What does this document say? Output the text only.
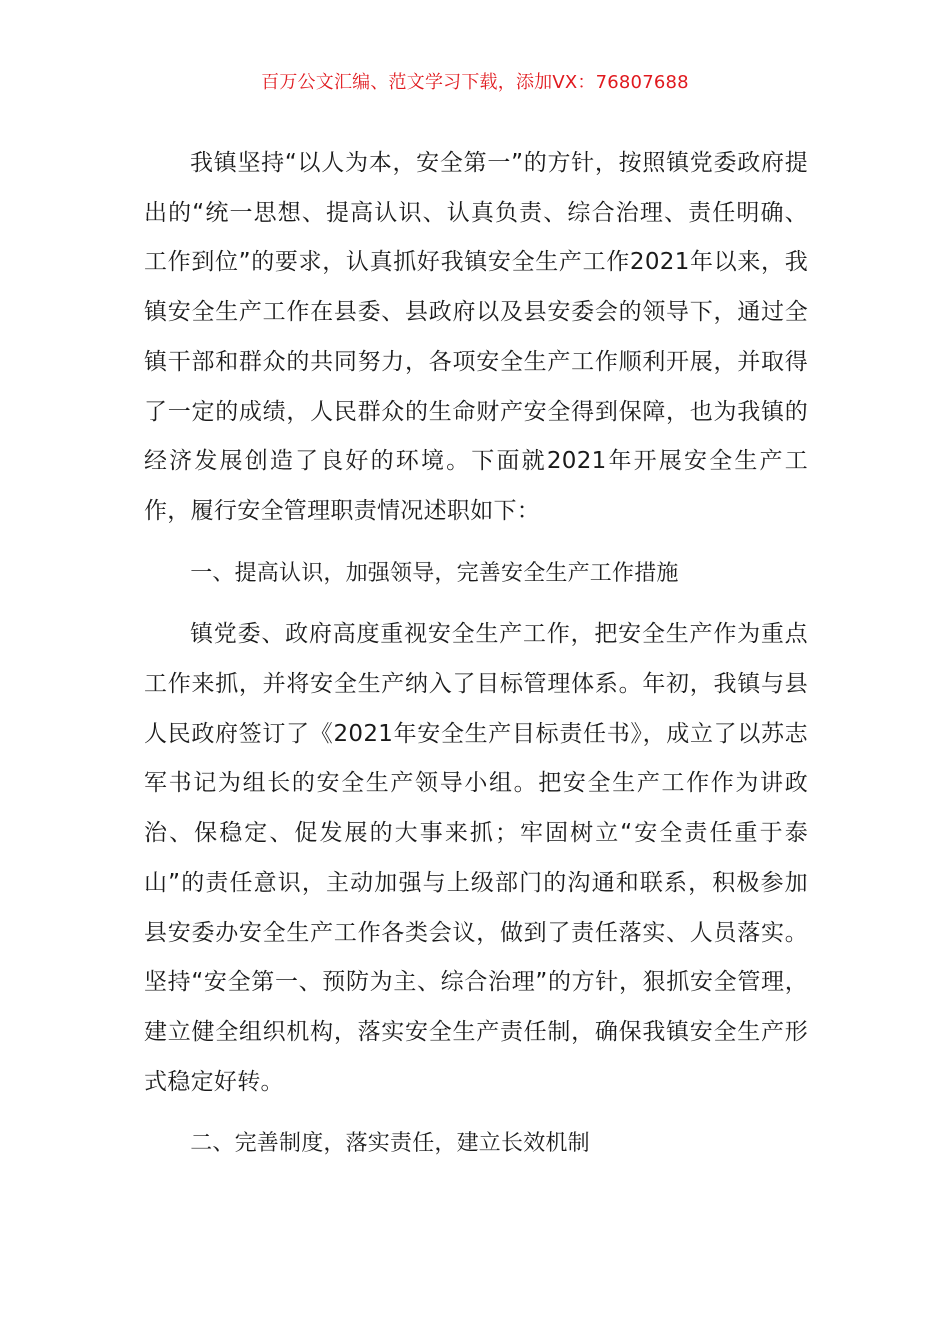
百万公文汇编、范文学习下载，添加VX：76807688

我镇坚持“以人为本，安全第一”的方针，按照镇党委政府提出的“统一思想、提高认识、认真负责、综合治理、责任明确、工作到位”的要求，认真抓好我镇安全生产工作2021年以来，我镇安全生产工作在县委、县政府以及县安委会的领导下，通过全镇干部和群众的共同努力，各项安全生产工作顺利开展，并取得了一定的成绩，人民群众的生命财产安全得到保障，也为我镇的经济发展创造了良好的环境。下面就2021年开展安全生产工作，履行安全管理职责情况述职如下：

一、提高认识，加强领导，完善安全生产工作措施

镇党委、政府高度重视安全生产工作，把安全生产作为重点工作来抓，并将安全生产纳入了目标管理体系。年初，我镇与县人民政府签订了《2021年安全生产目标责任书》，成立了以苏志军书记为组长的安全生产领导小组。把安全生产工作作为讲政治、保稳定、促发展的大事来抓；牢固树立“安全责任重于泰山”的责任意识，主动加强与上级部门的沟通和联系，积极参加县安委办安全生产工作各类会议，做到了责任落实、人员落实。坚持“安全第一、预防为主、综合治理”的方针，狠抓安全管理，建立健全组织机构，落实安全生产责任制，确保我镇安全生产形式稳定好转。

二、完善制度，落实责任，建立长效机制
